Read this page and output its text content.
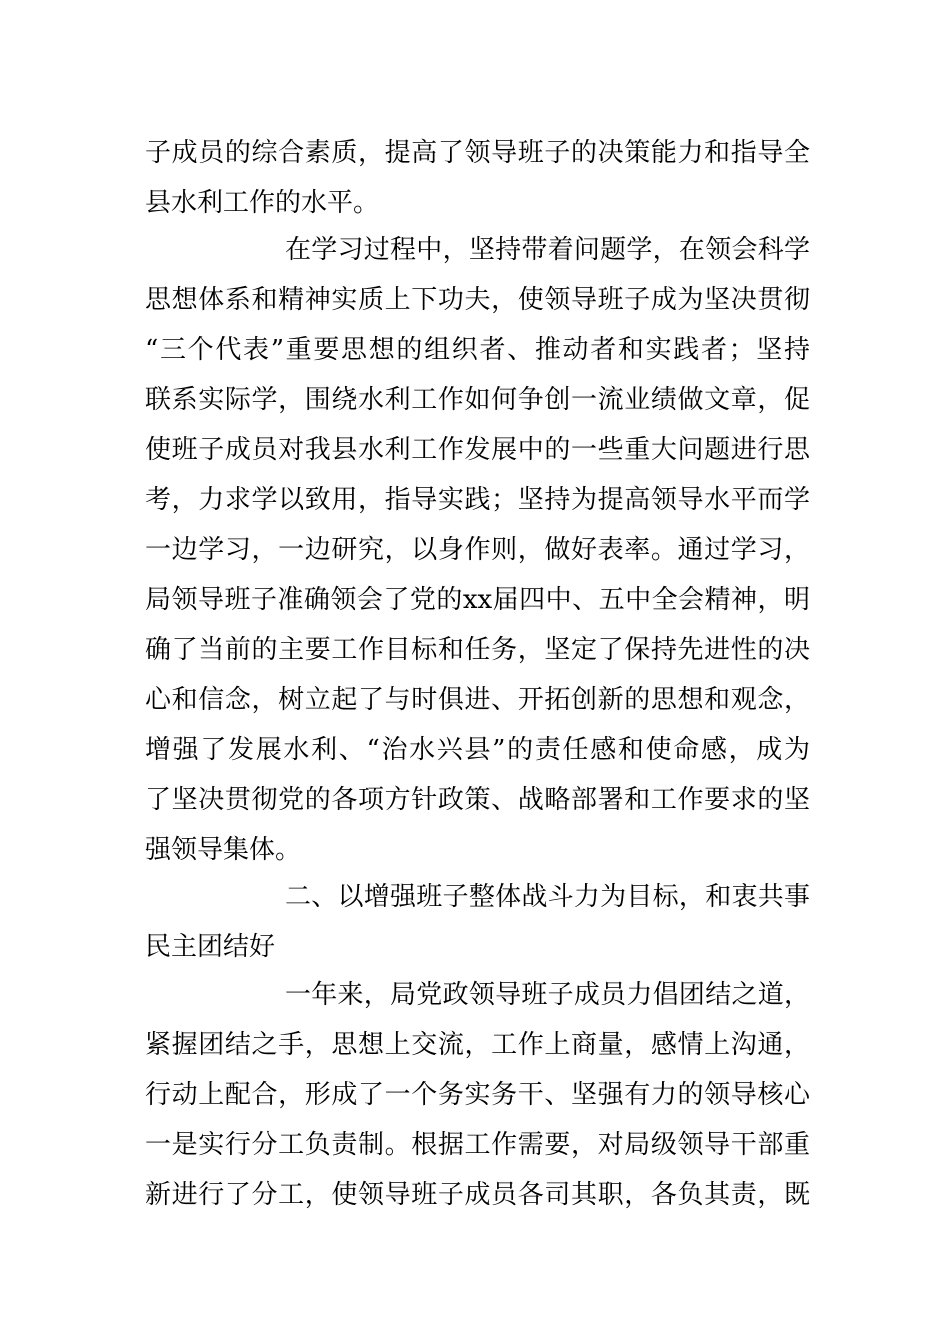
子成员的综合素质，提高了领导班子的决策能力和指导全
县水利工作的水平。
在学习过程中，坚持带着问题学，在领会科学
思想体系和精神实质上下功夫，使领导班子成为坚决贯彻
“三个代表”重要思想的组织者、推动者和实践者；坚持
联系实际学，围绕水利工作如何争创一流业绩做文章，促
使班子成员对我县水利工作发展中的一些重大问题进行思
考，力求学以致用，指导实践；坚持为提高领导水平而学
一边学习，一边研究，以身作则，做好表率。通过学习，
局领导班子准确领会了党的xx届四中、五中全会精神，明
确了当前的主要工作目标和任务，坚定了保持先进性的决
心和信念，树立起了与时俱进、开拓创新的思想和观念，
增强了发展水利、“治水兴县”的责任感和使命感，成为
了坚决贯彻党的各项方针政策、战略部署和工作要求的坚
强领导集体。
二、以增强班子整体战斗力为目标，和衷共事
民主团结好
一年来，局党政领导班子成员力倡团结之道，
紧握团结之手，思想上交流，工作上商量，感情上沟通，
行动上配合，形成了一个务实务干、坚强有力的领导核心
一是实行分工负责制。根据工作需要，对局级领导干部重
新进行了分工，使领导班子成员各司其职，各负其责，既
